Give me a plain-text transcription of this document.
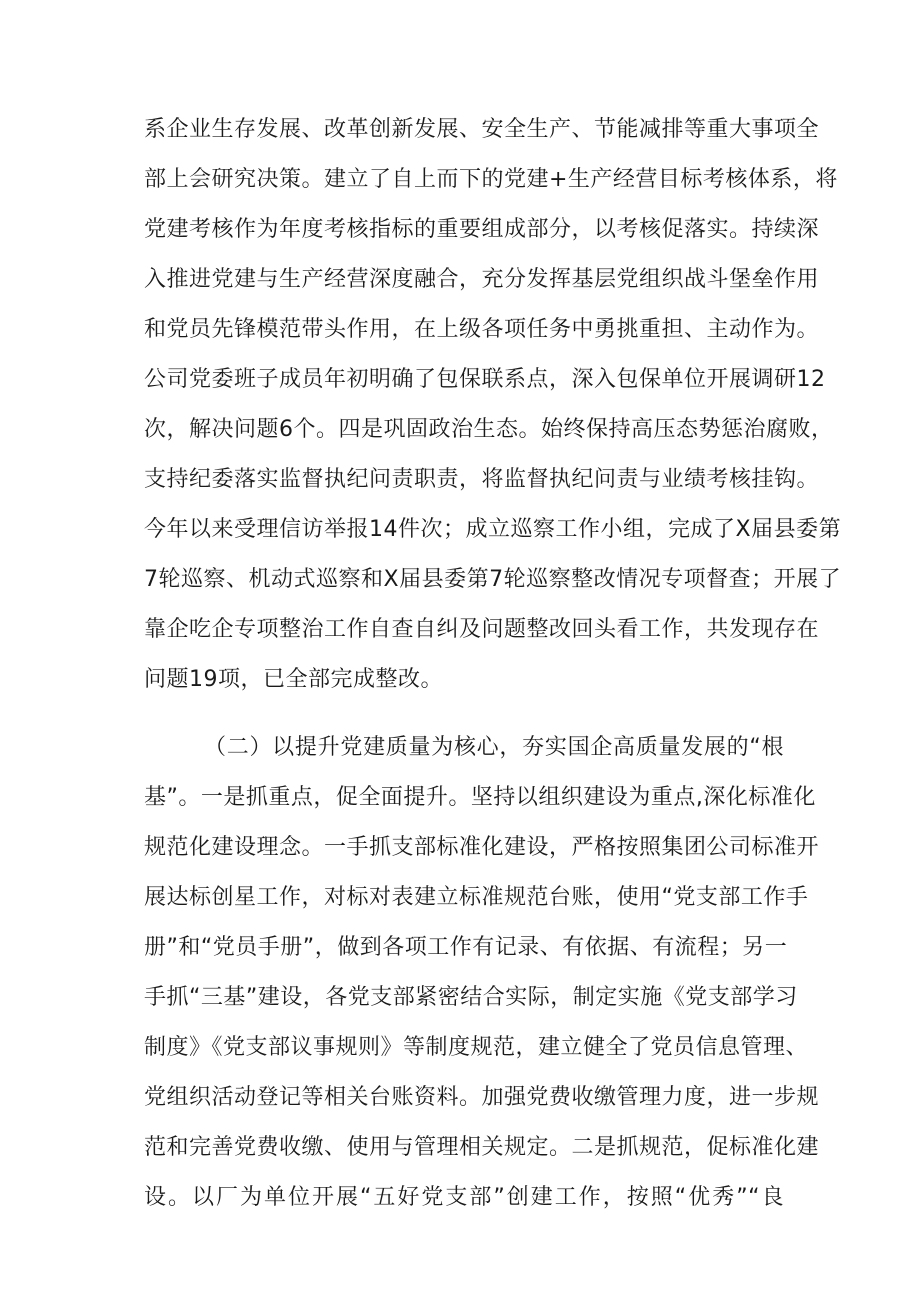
系企业生存发展、改革创新发展、安全生产、节能减排等重大事项全
部上会研究决策。建立了自上而下的党建+生产经营目标考核体系，将
党建考核作为年度考核指标的重要组成部分，以考核促落实。持续深
入推进党建与生产经营深度融合，充分发挥基层党组织战斗堡垒作用
和党员先锋模范带头作用，在上级各项任务中勇挑重担、主动作为。
公司党委班子成员年初明确了包保联系点，深入包保单位开展调研12
次，解决问题6个。四是巩固政治生态。始终保持高压态势惩治腐败，
支持纪委落实监督执纪问责职责，将监督执纪问责与业绩考核挂钩。
今年以来受理信访举报14件次；成立巡察工作小组，完成了X届县委第
7轮巡察、机动式巡察和X届县委第7轮巡察整改情况专项督查；开展了
靠企吃企专项整治工作自查自纠及问题整改回头看工作，共发现存在
问题19项，已全部完成整改。
（二）以提升党建质量为核心，夯实国企高质量发展的“根
基”。一是抓重点，促全面提升。坚持以组织建设为重点,深化标准化
规范化建设理念。一手抓支部标准化建设，严格按照集团公司标准开
展达标创星工作，对标对表建立标准规范台账，使用“党支部工作手
册”和“党员手册”，做到各项工作有记录、有依据、有流程；另一
手抓“三基”建设，各党支部紧密结合实际，制定实施《党支部学习
制度》《党支部议事规则》等制度规范，建立健全了党员信息管理、
党组织活动登记等相关台账资料。加强党费收缴管理力度，进一步规
范和完善党费收缴、使用与管理相关规定。二是抓规范，促标准化建
设。以厂为单位开展“五好党支部”创建工作，按照“优秀”“良
